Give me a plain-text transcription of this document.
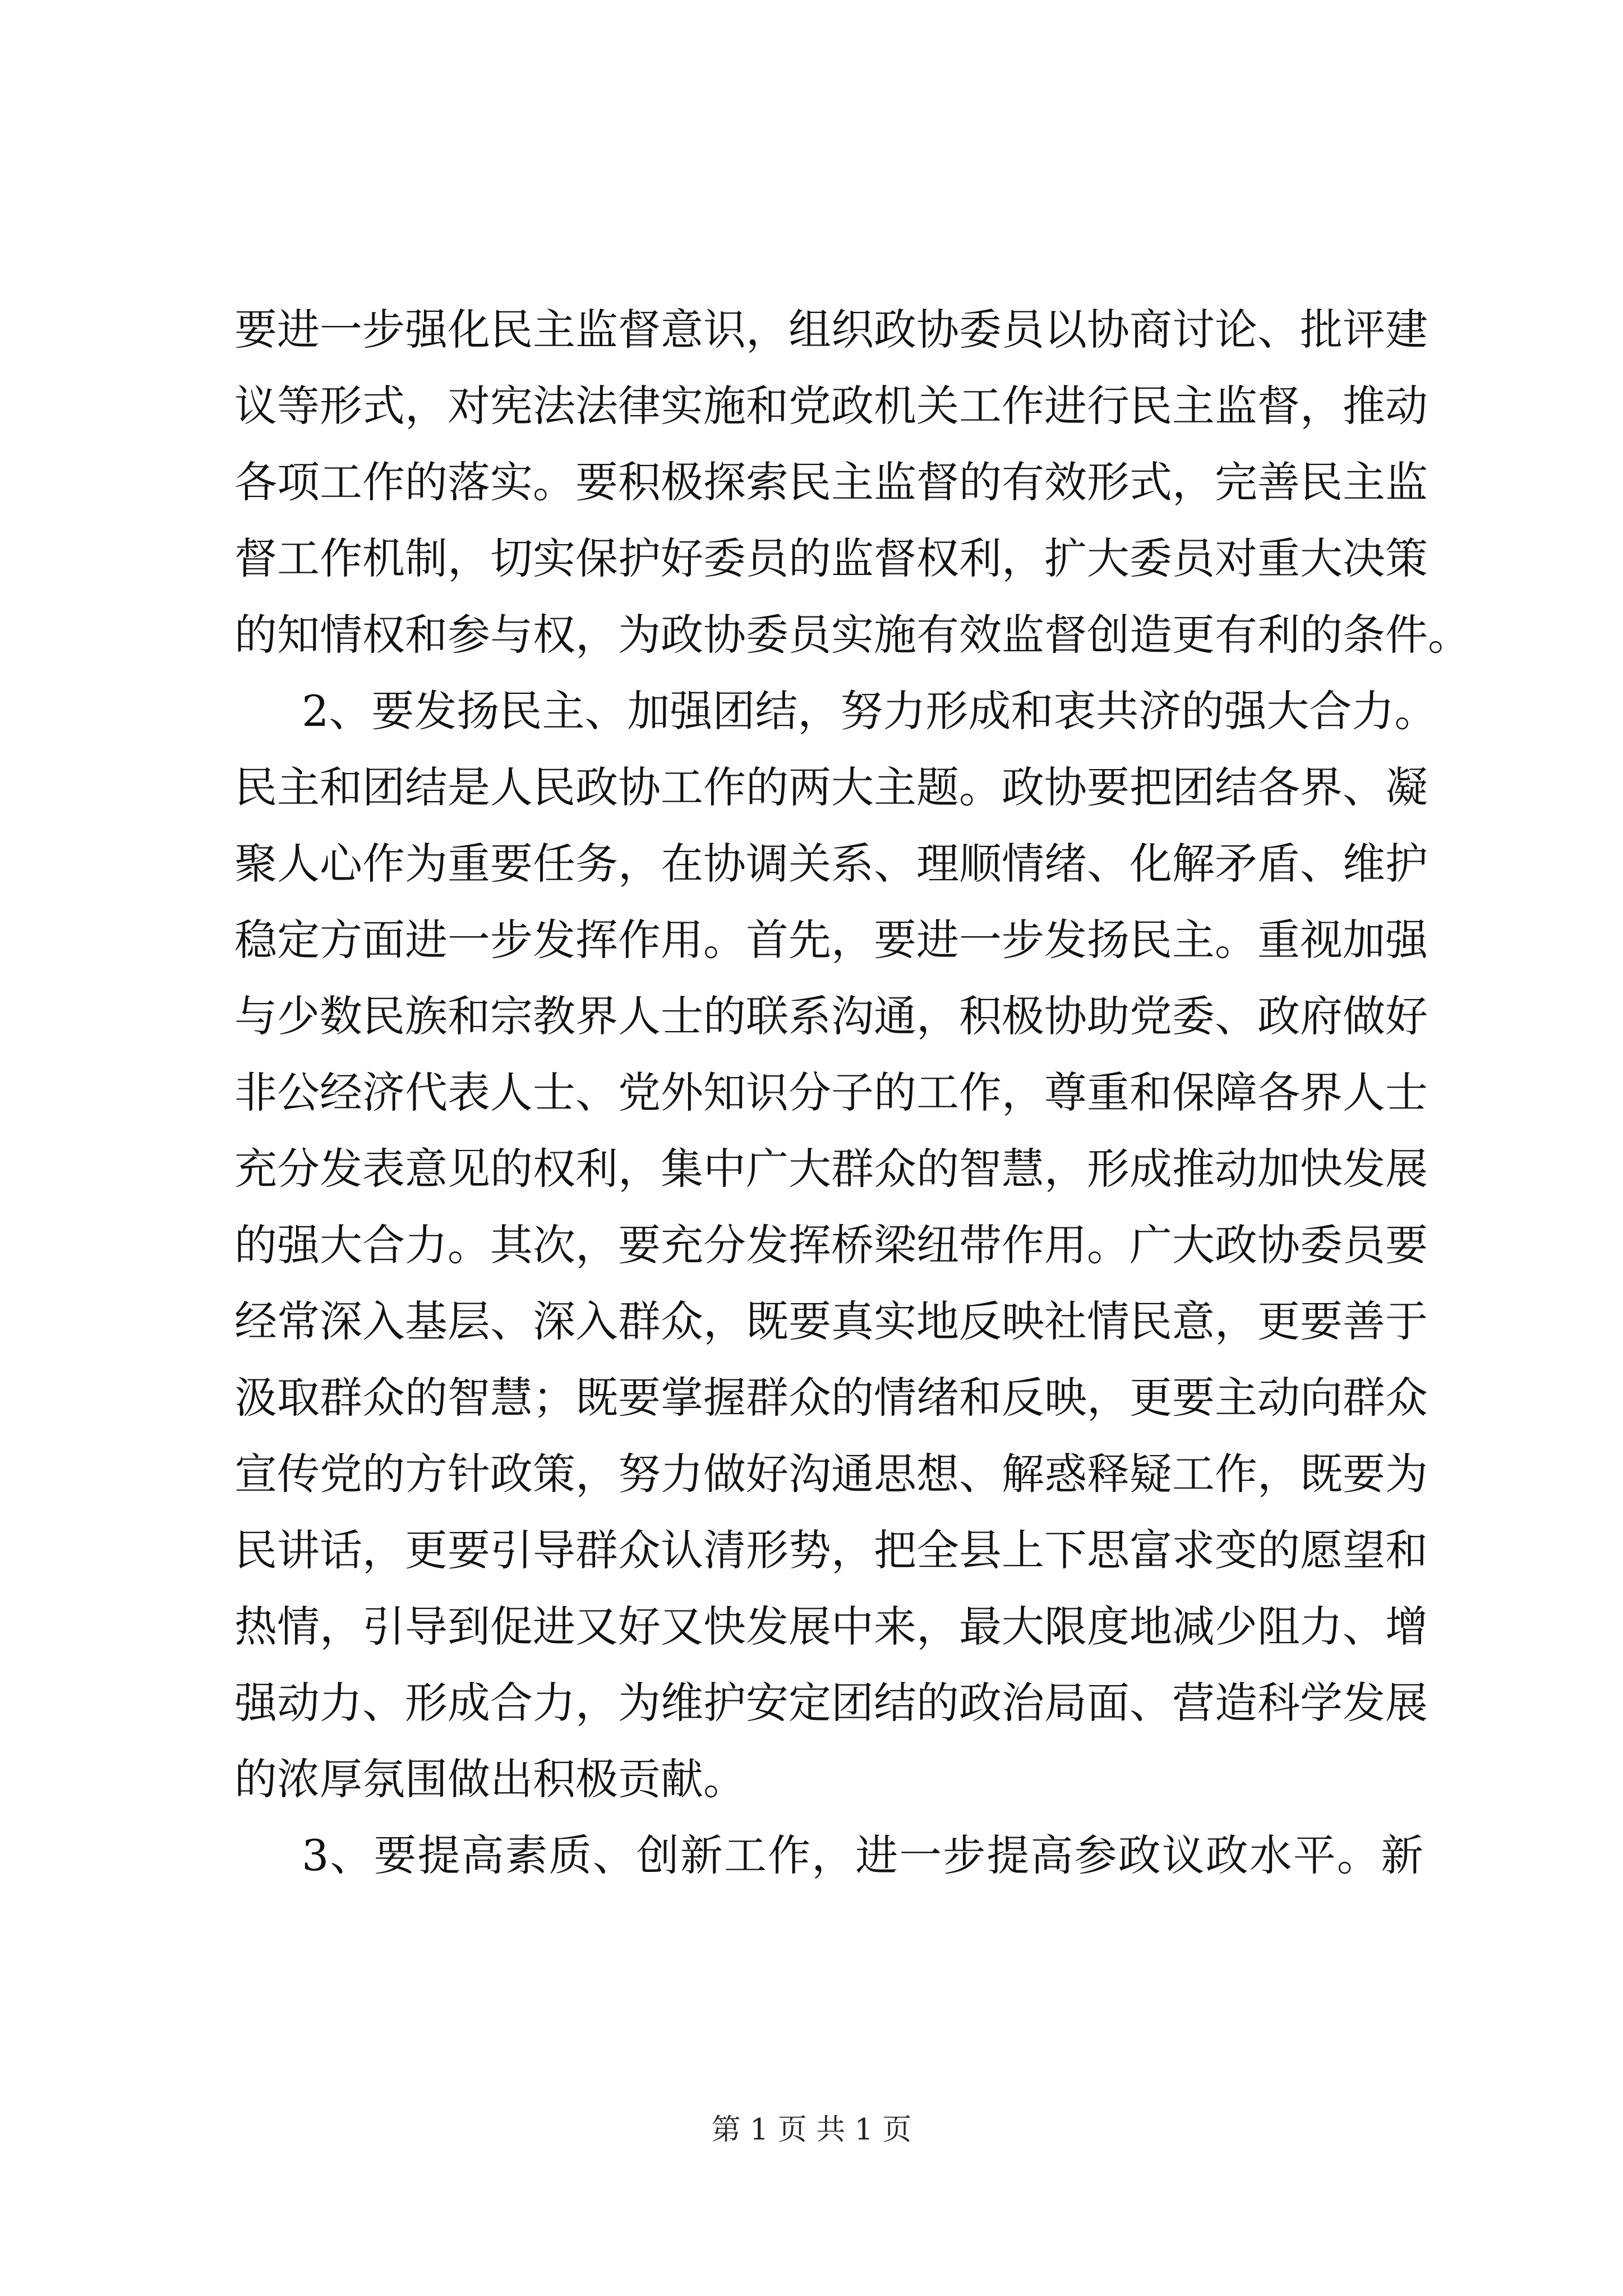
要进一步强化民主监督意识，组织政协委员以协商讨论、批评建
议等形式，对宪法法律实施和党政机关工作进行民主监督，推动
各项工作的落实。要积极探索民主监督的有效形式，完善民主监
督工作机制，切实保护好委员的监督权利，扩大委员对重大决策
的知情权和参与权，为政协委员实施有效监督创造更有利的条件。
2、要发扬民主、加强团结，努力形成和衷共济的强大合力。
民主和团结是人民政协工作的两大主题。政协要把团结各界、凝
聚人心作为重要任务，在协调关系、理顺情绪、化解矛盾、维护
稳定方面进一步发挥作用。首先，要进一步发扬民主。重视加强
与少数民族和宗教界人士的联系沟通，积极协助党委、政府做好
非公经济代表人士、党外知识分子的工作，尊重和保障各界人士
充分发表意见的权利，集中广大群众的智慧，形成推动加快发展
的强大合力。其次，要充分发挥桥梁纽带作用。广大政协委员要
经常深入基层、深入群众，既要真实地反映社情民意，更要善于
汲取群众的智慧；既要掌握群众的情绪和反映，更要主动向群众
宣传党的方针政策，努力做好沟通思想、解惑释疑工作，既要为
民讲话，更要引导群众认清形势，把全县上下思富求变的愿望和
热情，引导到促进又好又快发展中来，最大限度地减少阻力、增
强动力、形成合力，为维护安定团结的政治局面、营造科学发展
的浓厚氛围做出积极贡献。
3、要提高素质、创新工作，进一步提高参政议政水平。新
第 1 页 共 1 页
